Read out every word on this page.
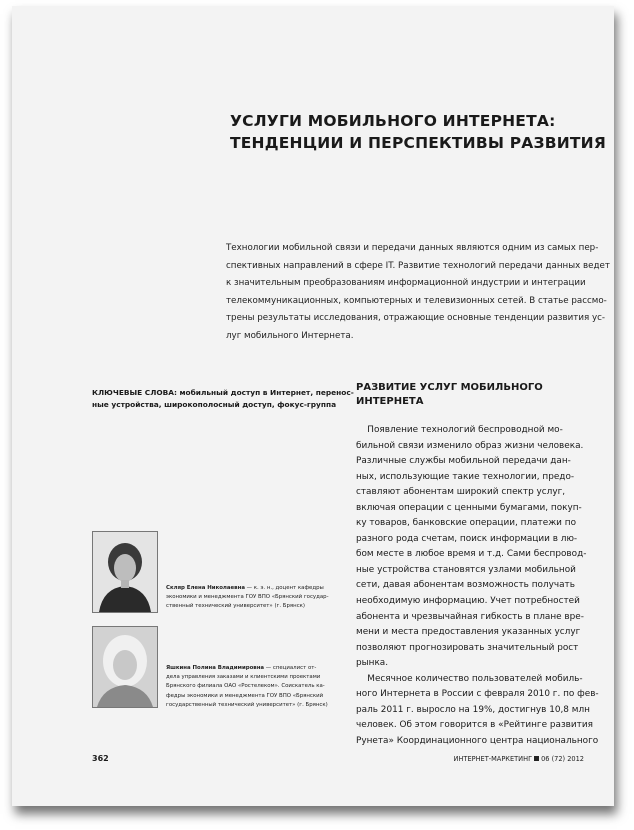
УСЛУГИ МОБИЛЬНОГО ИНТЕРНЕТА:
ТЕНДЕНЦИИ И ПЕРСПЕКТИВЫ РАЗВИТИЯ
Технологии мобильной связи и передачи данных являются одним из самых пер-
спективных направлений в сфере IT. Развитие технологий передачи данных ведет
к значительным преобразованиям информационной индустрии и интеграции
телекоммуникационных, компьютерных и телевизионных сетей. В статье рассмо-
трены результаты исследования, отражающие основные тенденции развития ус-
луг мобильного Интернета.
КЛЮЧЕВЫЕ СЛОВА: мобильный доступ в Интернет, перенос-
ные устройства, широкополосный доступ, фокус-группа
РАЗВИТИЕ УСЛУГ МОБИЛЬНОГО
ИНТЕРНЕТА
Появление технологий беспроводной мо-
бильной связи изменило образ жизни человека.
Различные службы мобильной передачи дан-
ных, использующие такие технологии, предо-
ставляют абонентам широкий спектр услуг,
включая операции с ценными бумагами, покуп-
ку товаров, банковские операции, платежи по
разного рода счетам, поиск информации в лю-
бом месте в любое время и т.д. Сами беспровод-
ные устройства становятся узлами мобильной
сети, давая абонентам возможность получать
необходимую информацию. Учет потребностей
абонента и чрезвычайная гибкость в плане вре-
мени и места предоставления указанных услуг
позволяют прогнозировать значительный рост
рынка.
Месячное количество пользователей мобиль-
ного Интернета в России с февраля 2010 г. по фев-
раль 2011 г. выросло на 19%, достигнув 10,8 млн
человек. Об этом говорится в «Рейтинге развития
Рунета» Координационного центра национального
Скляр Елена Николаевна — к. э. н., доцент кафедры
экономики и менеджмента ГОУ ВПО «Брянский государ-
ственный технический университет» (г. Брянск)
Яшкина Полина Владимировна — специалист от-
дела управления заказами и клиентскими проектами
Брянского филиала ОАО «Ростелеком». Соискатель ка-
федры экономики и менеджмента ГОУ ВПО «Брянский
государственный технический университет» (г. Брянск)
362	ИНТЕРНЕТ-МАРКЕТИНГ 06 (72) 2012
